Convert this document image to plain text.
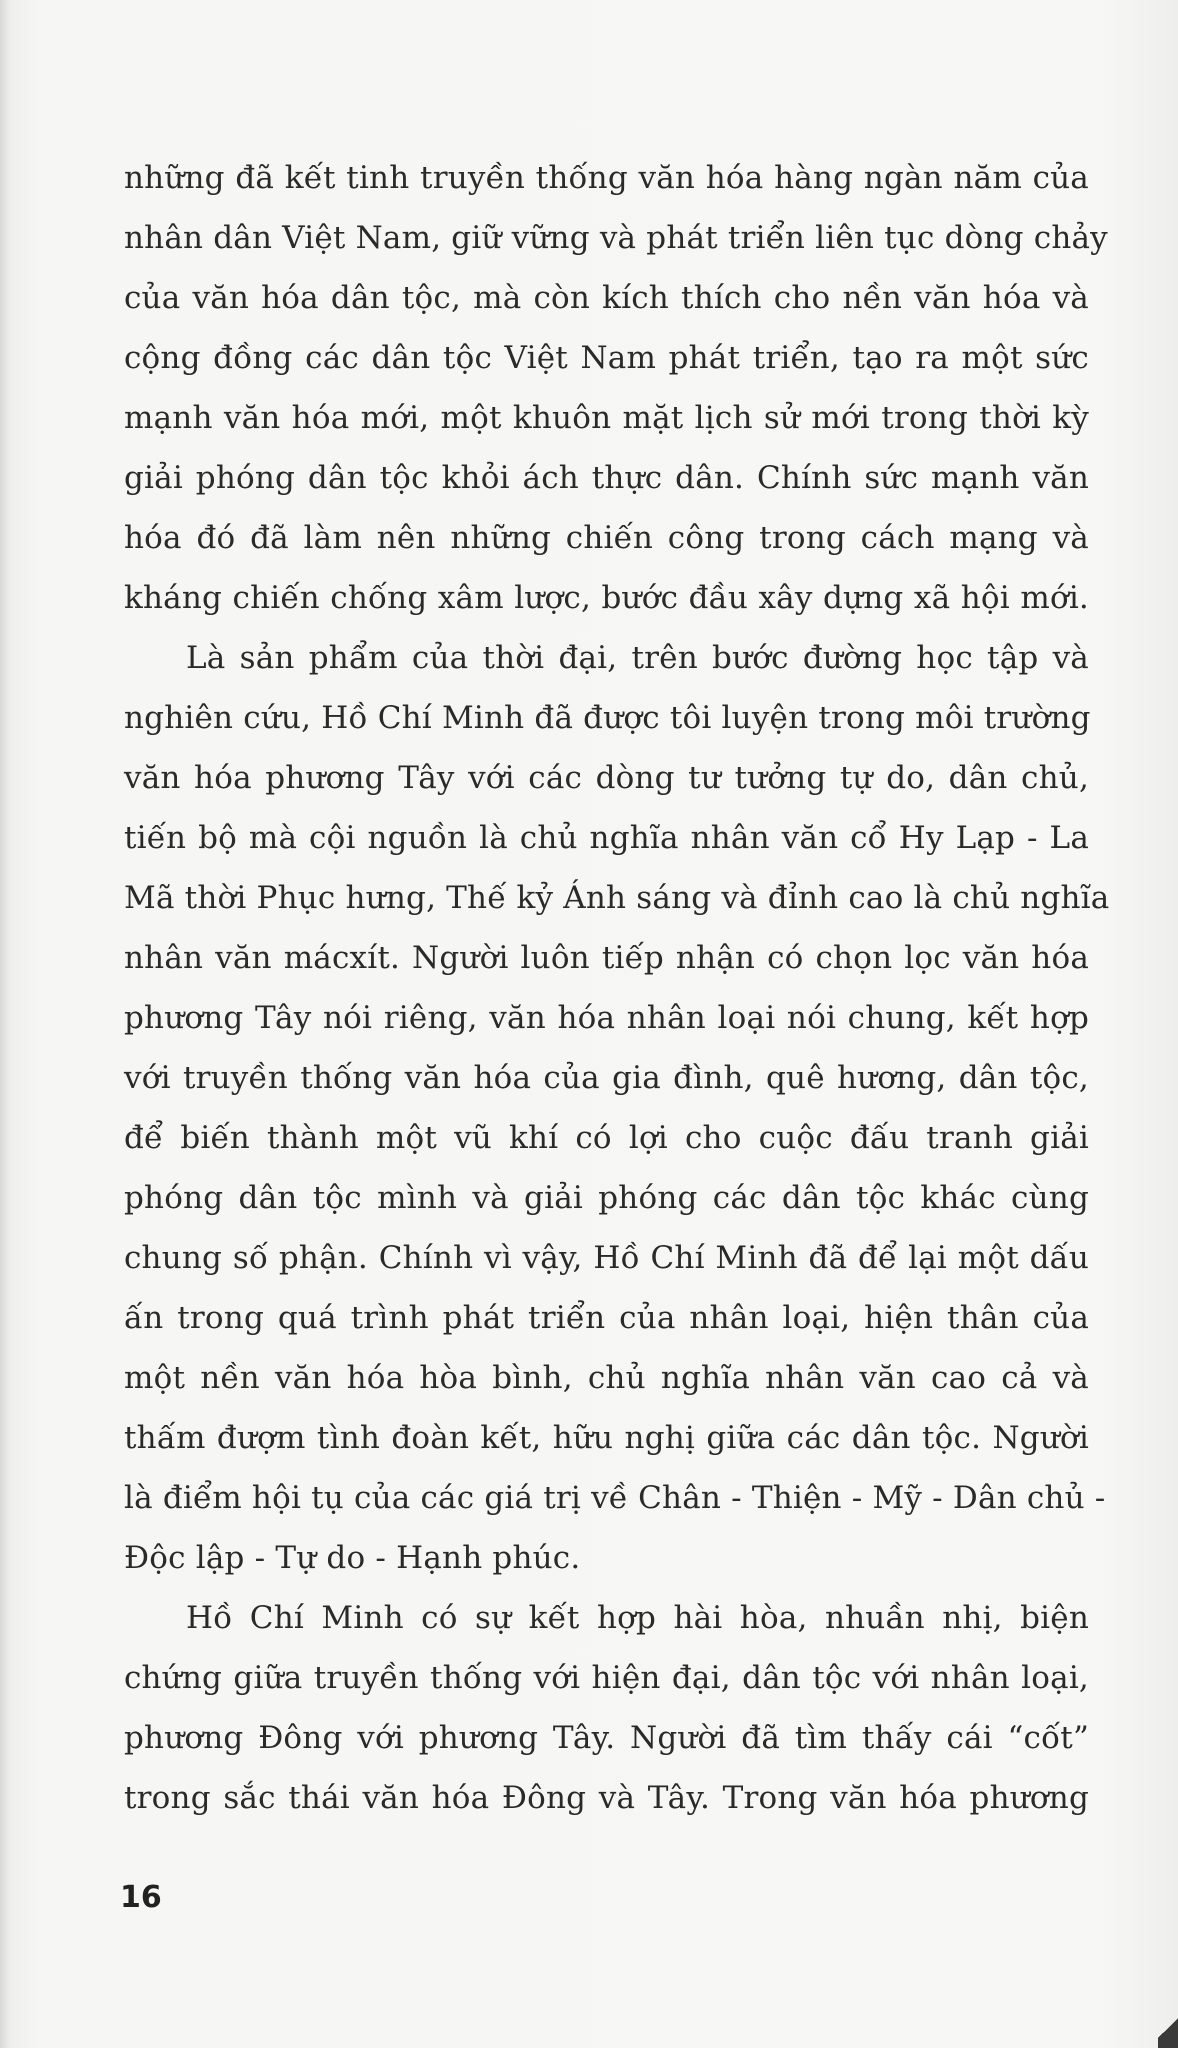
những đã kết tinh truyền thống văn hóa hàng ngàn năm của
nhân dân Việt Nam, giữ vững và phát triển liên tục dòng chảy
của văn hóa dân tộc, mà còn kích thích cho nền văn hóa và
cộng đồng các dân tộc Việt Nam phát triển, tạo ra một sức
mạnh văn hóa mới, một khuôn mặt lịch sử mới trong thời kỳ
giải phóng dân tộc khỏi ách thực dân. Chính sức mạnh văn
hóa đó đã làm nên những chiến công trong cách mạng và
kháng chiến chống xâm lược, bước đầu xây dựng xã hội mới.
Là sản phẩm của thời đại, trên bước đường học tập và
nghiên cứu, Hồ Chí Minh đã được tôi luyện trong môi trường
văn hóa phương Tây với các dòng tư tưởng tự do, dân chủ,
tiến bộ mà cội nguồn là chủ nghĩa nhân văn cổ Hy Lạp - La
Mã thời Phục hưng, Thế kỷ Ánh sáng và đỉnh cao là chủ nghĩa
nhân văn mácxít. Người luôn tiếp nhận có chọn lọc văn hóa
phương Tây nói riêng, văn hóa nhân loại nói chung, kết hợp
với truyền thống văn hóa của gia đình, quê hương, dân tộc,
để biến thành một vũ khí có lợi cho cuộc đấu tranh giải
phóng dân tộc mình và giải phóng các dân tộc khác cùng
chung số phận. Chính vì vậy, Hồ Chí Minh đã để lại một dấu
ấn trong quá trình phát triển của nhân loại, hiện thân của
một nền văn hóa hòa bình, chủ nghĩa nhân văn cao cả và
thấm đượm tình đoàn kết, hữu nghị giữa các dân tộc. Người
là điểm hội tụ của các giá trị về Chân - Thiện - Mỹ - Dân chủ -
Độc lập - Tự do - Hạnh phúc.
Hồ Chí Minh có sự kết hợp hài hòa, nhuần nhị, biện
chứng giữa truyền thống với hiện đại, dân tộc với nhân loại,
phương Đông với phương Tây. Người đã tìm thấy cái “cốt”
trong sắc thái văn hóa Đông và Tây. Trong văn hóa phương
16
